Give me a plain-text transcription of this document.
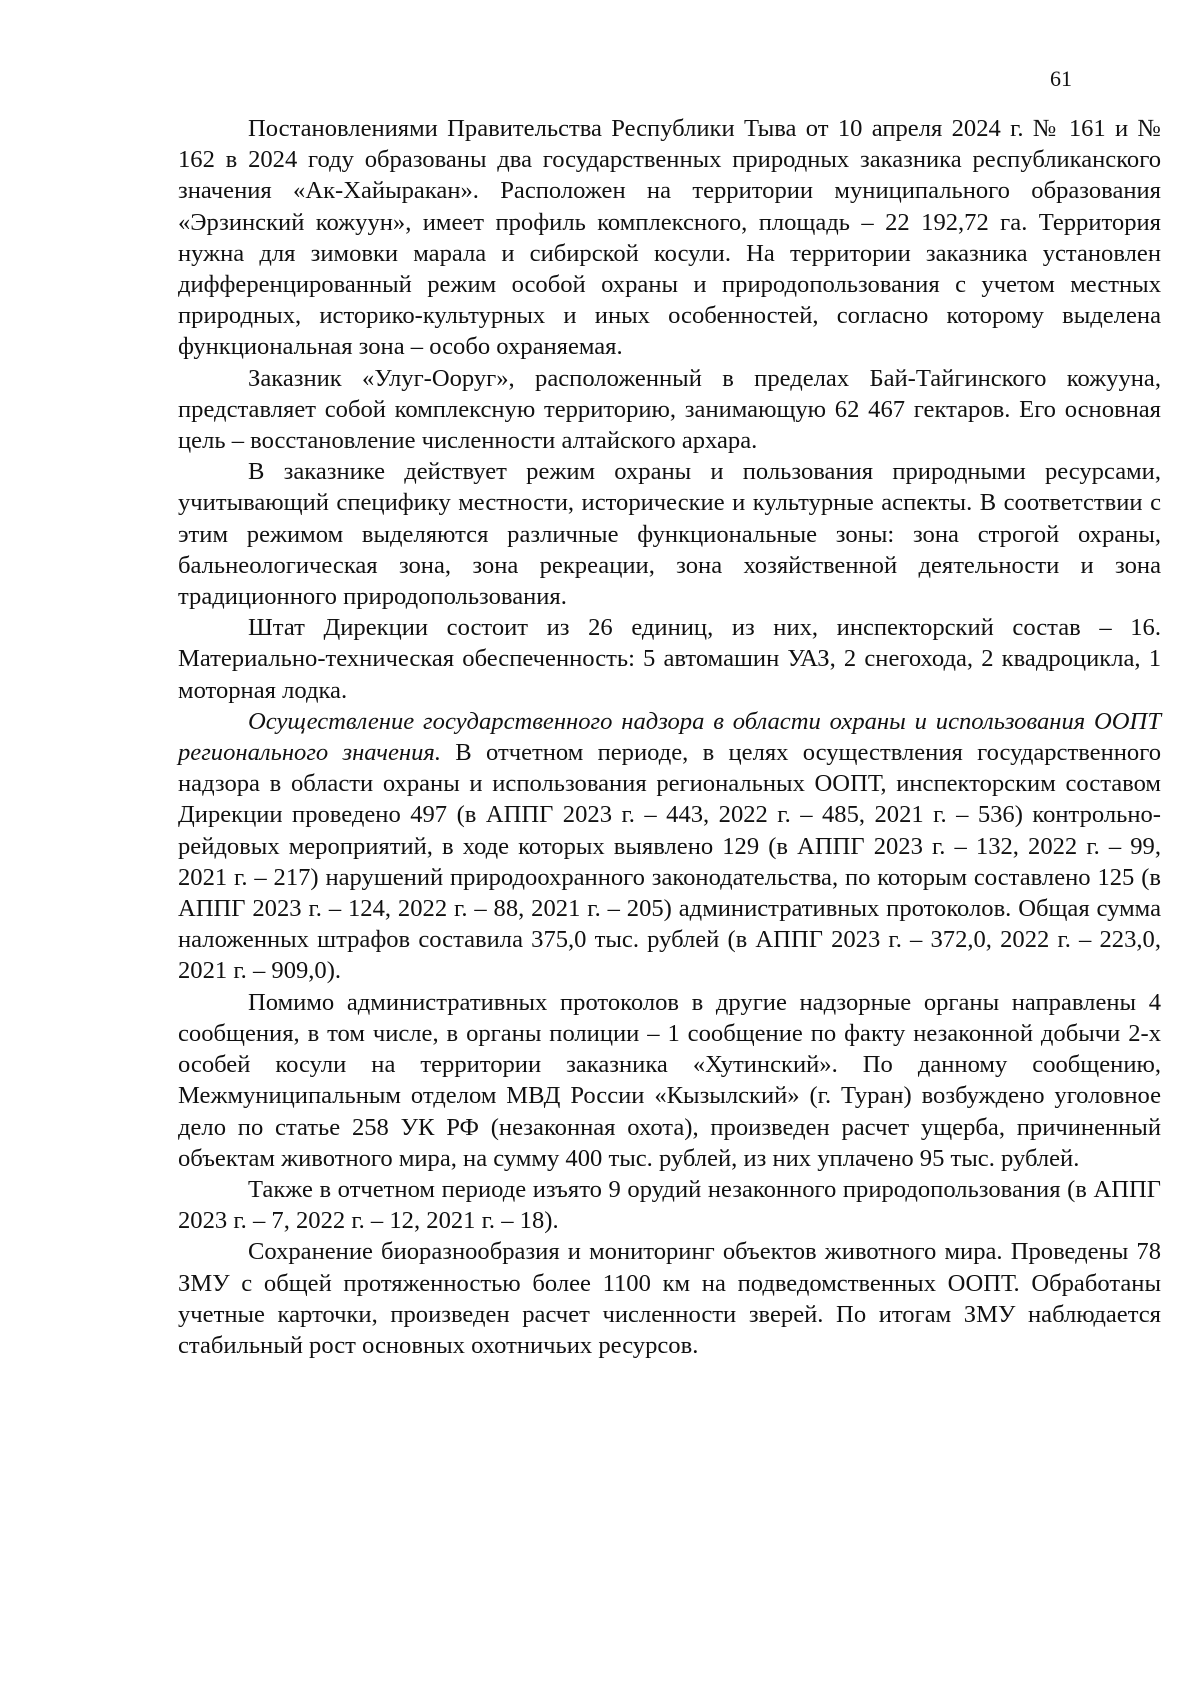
61

Постановлениями Правительства Республики Тыва от 10 апреля 2024 г. № 161 и № 162 в 2024 году образованы два государственных природных заказника республиканского значения «Ак-Хайыракан». Расположен на территории муниципального образования «Эрзинский кожуун», имеет профиль комплексного, площадь – 22 192,72 га. Территория нужна для зимовки марала и сибирской косули. На территории заказника установлен дифференцированный режим особой охраны и природопользования с учетом местных природных, историко-культурных и иных особенностей, согласно которому выделена функциональная зона – особо охраняемая.

Заказник «Улуг-Ооруг», расположенный в пределах Бай-Тайгинского кожууна, представляет собой комплексную территорию, занимающую 62 467 гектаров. Его основная цель – восстановление численности алтайского архара.

В заказнике действует режим охраны и пользования природными ресурсами, учитывающий специфику местности, исторические и культурные аспекты. В соответствии с этим режимом выделяются различные функциональные зоны: зона строгой охраны, бальнеологическая зона, зона рекреации, зона хозяйственной деятельности и зона традиционного природопользования.

Штат Дирекции состоит из 26 единиц, из них, инспекторский состав – 16. Материально-техническая обеспеченность: 5 автомашин УАЗ, 2 снегохода, 2 квадроцикла, 1 моторная лодка.

Осуществление государственного надзора в области охраны и использования ООПТ регионального значения. В отчетном периоде, в целях осуществления государственного надзора в области охраны и использования региональных ООПТ, инспекторским составом Дирекции проведено 497 (в АППГ 2023 г. – 443, 2022 г. – 485, 2021 г. – 536) контрольно-рейдовых мероприятий, в ходе которых выявлено 129 (в АППГ 2023 г. – 132, 2022 г. – 99, 2021 г. – 217) нарушений природоохранного законодательства, по которым составлено 125 (в АППГ 2023 г. – 124, 2022 г. – 88, 2021 г. – 205) административных протоколов. Общая сумма наложенных штрафов составила 375,0 тыс. рублей (в АППГ 2023 г. – 372,0, 2022 г. – 223,0, 2021 г. – 909,0).

Помимо административных протоколов в другие надзорные органы направлены 4 сообщения, в том числе, в органы полиции – 1 сообщение по факту незаконной добычи 2-х особей косули на территории заказника «Хутинский». По данному сообщению, Межмуниципальным отделом МВД России «Кызылский» (г. Туран) возбуждено уголовное дело по статье 258 УК РФ (незаконная охота), произведен расчет ущерба, причиненный объектам животного мира, на сумму 400 тыс. рублей, из них уплачено 95 тыс. рублей.

Также в отчетном периоде изъято 9 орудий незаконного природопользования (в АППГ 2023 г. – 7, 2022 г. – 12, 2021 г. – 18).

Сохранение биоразнообразия и мониторинг объектов животного мира. Проведены 78 ЗМУ с общей протяженностью более 1100 км на подведомственных ООПТ. Обработаны учетные карточки, произведен расчет численности зверей. По итогам ЗМУ наблюдается стабильный рост основных охотничьих ресурсов.
